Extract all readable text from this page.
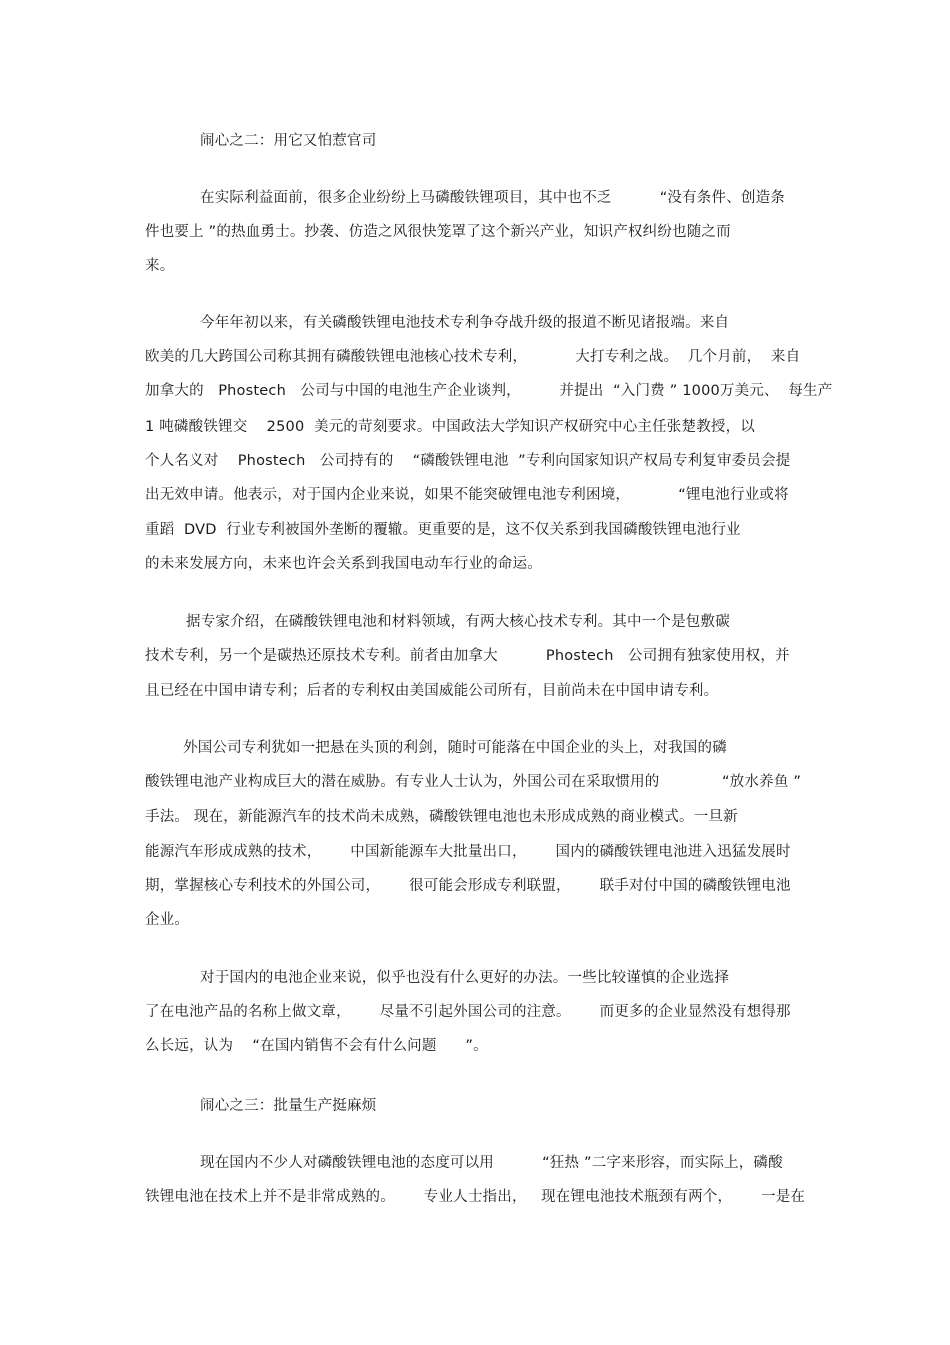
闹心之二：用它又怕惹官司
在实际利益面前，很多企业纷纷上马磷酸铁锂项目，其中也不乏          “没有条件、创造条
件也要上 ”的热血勇士。抄袭、仿造之风很快笼罩了这个新兴产业，知识产权纠纷也随之而
来。
今年年初以来，有关磷酸铁锂电池技术专利争夺战升级的报道不断见诸报端。来自
欧美的几大跨国公司称其拥有磷酸铁锂电池核心技术专利，          大打专利之战。  几个月前，  来自
加拿大的   Phostech   公司与中国的电池生产企业谈判，        并提出  “入门费 ” 1000万美元、  每生产
1 吨磷酸铁锂交    2500  美元的苛刻要求。中国政法大学知识产权研究中心主任张楚教授，以
个人名义对    Phostech   公司持有的    “磷酸铁锂电池  ”专利向国家知识产权局专利复审委员会提
出无效申请。他表示，对于国内企业来说，如果不能突破锂电池专利困境，          “锂电池行业或将
重蹈  DVD  行业专利被国外垄断的覆辙。更重要的是，这不仅关系到我国磷酸铁锂电池行业
的未来发展方向，未来也许会关系到我国电动车行业的命运。
据专家介绍，在磷酸铁锂电池和材料领域，有两大核心技术专利。其中一个是包敷碳
技术专利，另一个是碳热还原技术专利。前者由加拿大          Phostech   公司拥有独家使用权，并
且已经在中国申请专利；后者的专利权由美国威能公司所有，目前尚未在中国申请专利。
外国公司专利犹如一把悬在头顶的利剑，随时可能落在中国企业的头上，对我国的磷
酸铁锂电池产业构成巨大的潜在威胁。有专业人士认为，外国公司在采取惯用的             “放水养鱼 ”
手法。 现在，新能源汽车的技术尚未成熟，磷酸铁锂电池也未形成成熟的商业模式。一旦新
能源汽车形成成熟的技术，      中国新能源车大批量出口，      国内的磷酸铁锂电池进入迅猛发展时
期，掌握核心专利技术的外国公司，      很可能会形成专利联盟，      联手对付中国的磷酸铁锂电池
企业。
对于国内的电池企业来说，似乎也没有什么更好的办法。一些比较谨慎的企业选择
了在电池产品的名称上做文章，      尽量不引起外国公司的注意。      而更多的企业显然没有想得那
么长远，认为    “在国内销售不会有什么问题      ”。
闹心之三：批量生产挺麻烦
现在国内不少人对磷酸铁锂电池的态度可以用          “狂热 ”二字来形容，而实际上，磷酸
铁锂电池在技术上并不是非常成熟的。      专业人士指出，   现在锂电池技术瓶颈有两个，      一是在
